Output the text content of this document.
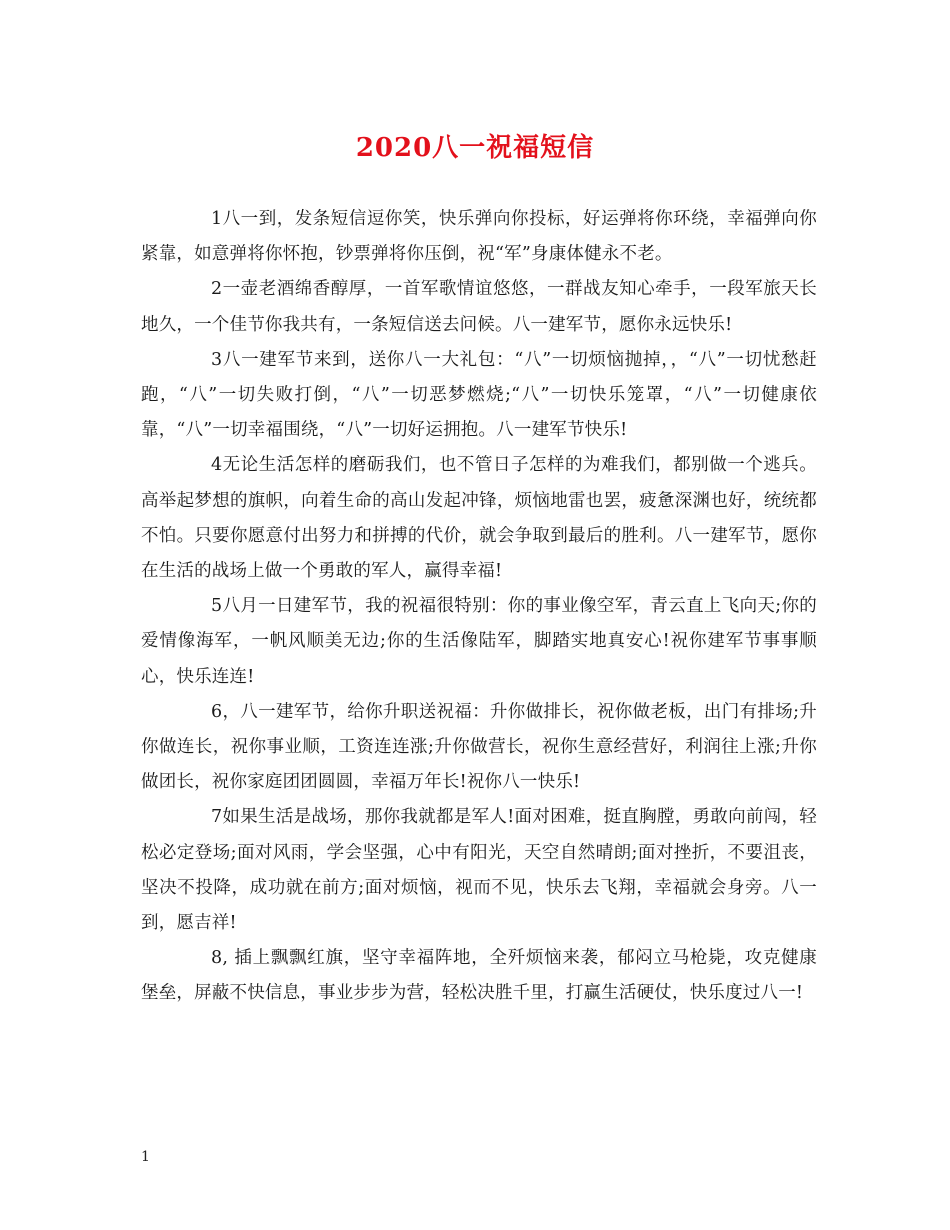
2020八一祝福短信

1八一到，发条短信逗你笑，快乐弹向你投标，好运弹将你环绕，幸福弹向你紧靠，如意弹将你怀抱，钞票弹将你压倒，祝“军”身康体健永不老。

2一壶老酒绵香醇厚，一首军歌情谊悠悠，一群战友知心牵手，一段军旅天长地久，一个佳节你我共有，一条短信送去问候。八一建军节，愿你永远快乐!

3八一建军节来到，送你八一大礼包：“八”一切烦恼抛掉，，“八”一切忧愁赶跑，“八”一切失败打倒，“八”一切恶梦燃烧;“八”一切快乐笼罩，“八”一切健康依靠，“八”一切幸福围绕，“八”一切好运拥抱。八一建军节快乐!

4无论生活怎样的磨砺我们，也不管日子怎样的为难我们，都别做一个逃兵。高举起梦想的旗帜，向着生命的高山发起冲锋，烦恼地雷也罢，疲惫深渊也好，统统都不怕。只要你愿意付出努力和拼搏的代价，就会争取到最后的胜利。八一建军节，愿你在生活的战场上做一个勇敢的军人，赢得幸福!

5八月一日建军节，我的祝福很特别：你的事业像空军，青云直上飞向天;你的爱情像海军，一帆风顺美无边;你的生活像陆军，脚踏实地真安心!祝你建军节事事顺心，快乐连连!

6，八一建军节，给你升职送祝福：升你做排长，祝你做老板，出门有排场;升你做连长，祝你事业顺，工资连连涨;升你做营长，祝你生意经营好，利润往上涨;升你做团长，祝你家庭团团圆圆，幸福万年长!祝你八一快乐!

7如果生活是战场，那你我就都是军人!面对困难，挺直胸膛，勇敢向前闯，轻松必定登场;面对风雨，学会坚强，心中有阳光，天空自然晴朗;面对挫折，不要沮丧，坚决不投降，成功就在前方;面对烦恼，视而不见，快乐去飞翔，幸福就会身旁。八一到，愿吉祥!

8, 插上飘飘红旗，坚守幸福阵地，全歼烦恼来袭，郁闷立马枪毙，攻克健康堡垒，屏蔽不快信息，事业步步为营，轻松决胜千里，打赢生活硬仗，快乐度过八一!

1
